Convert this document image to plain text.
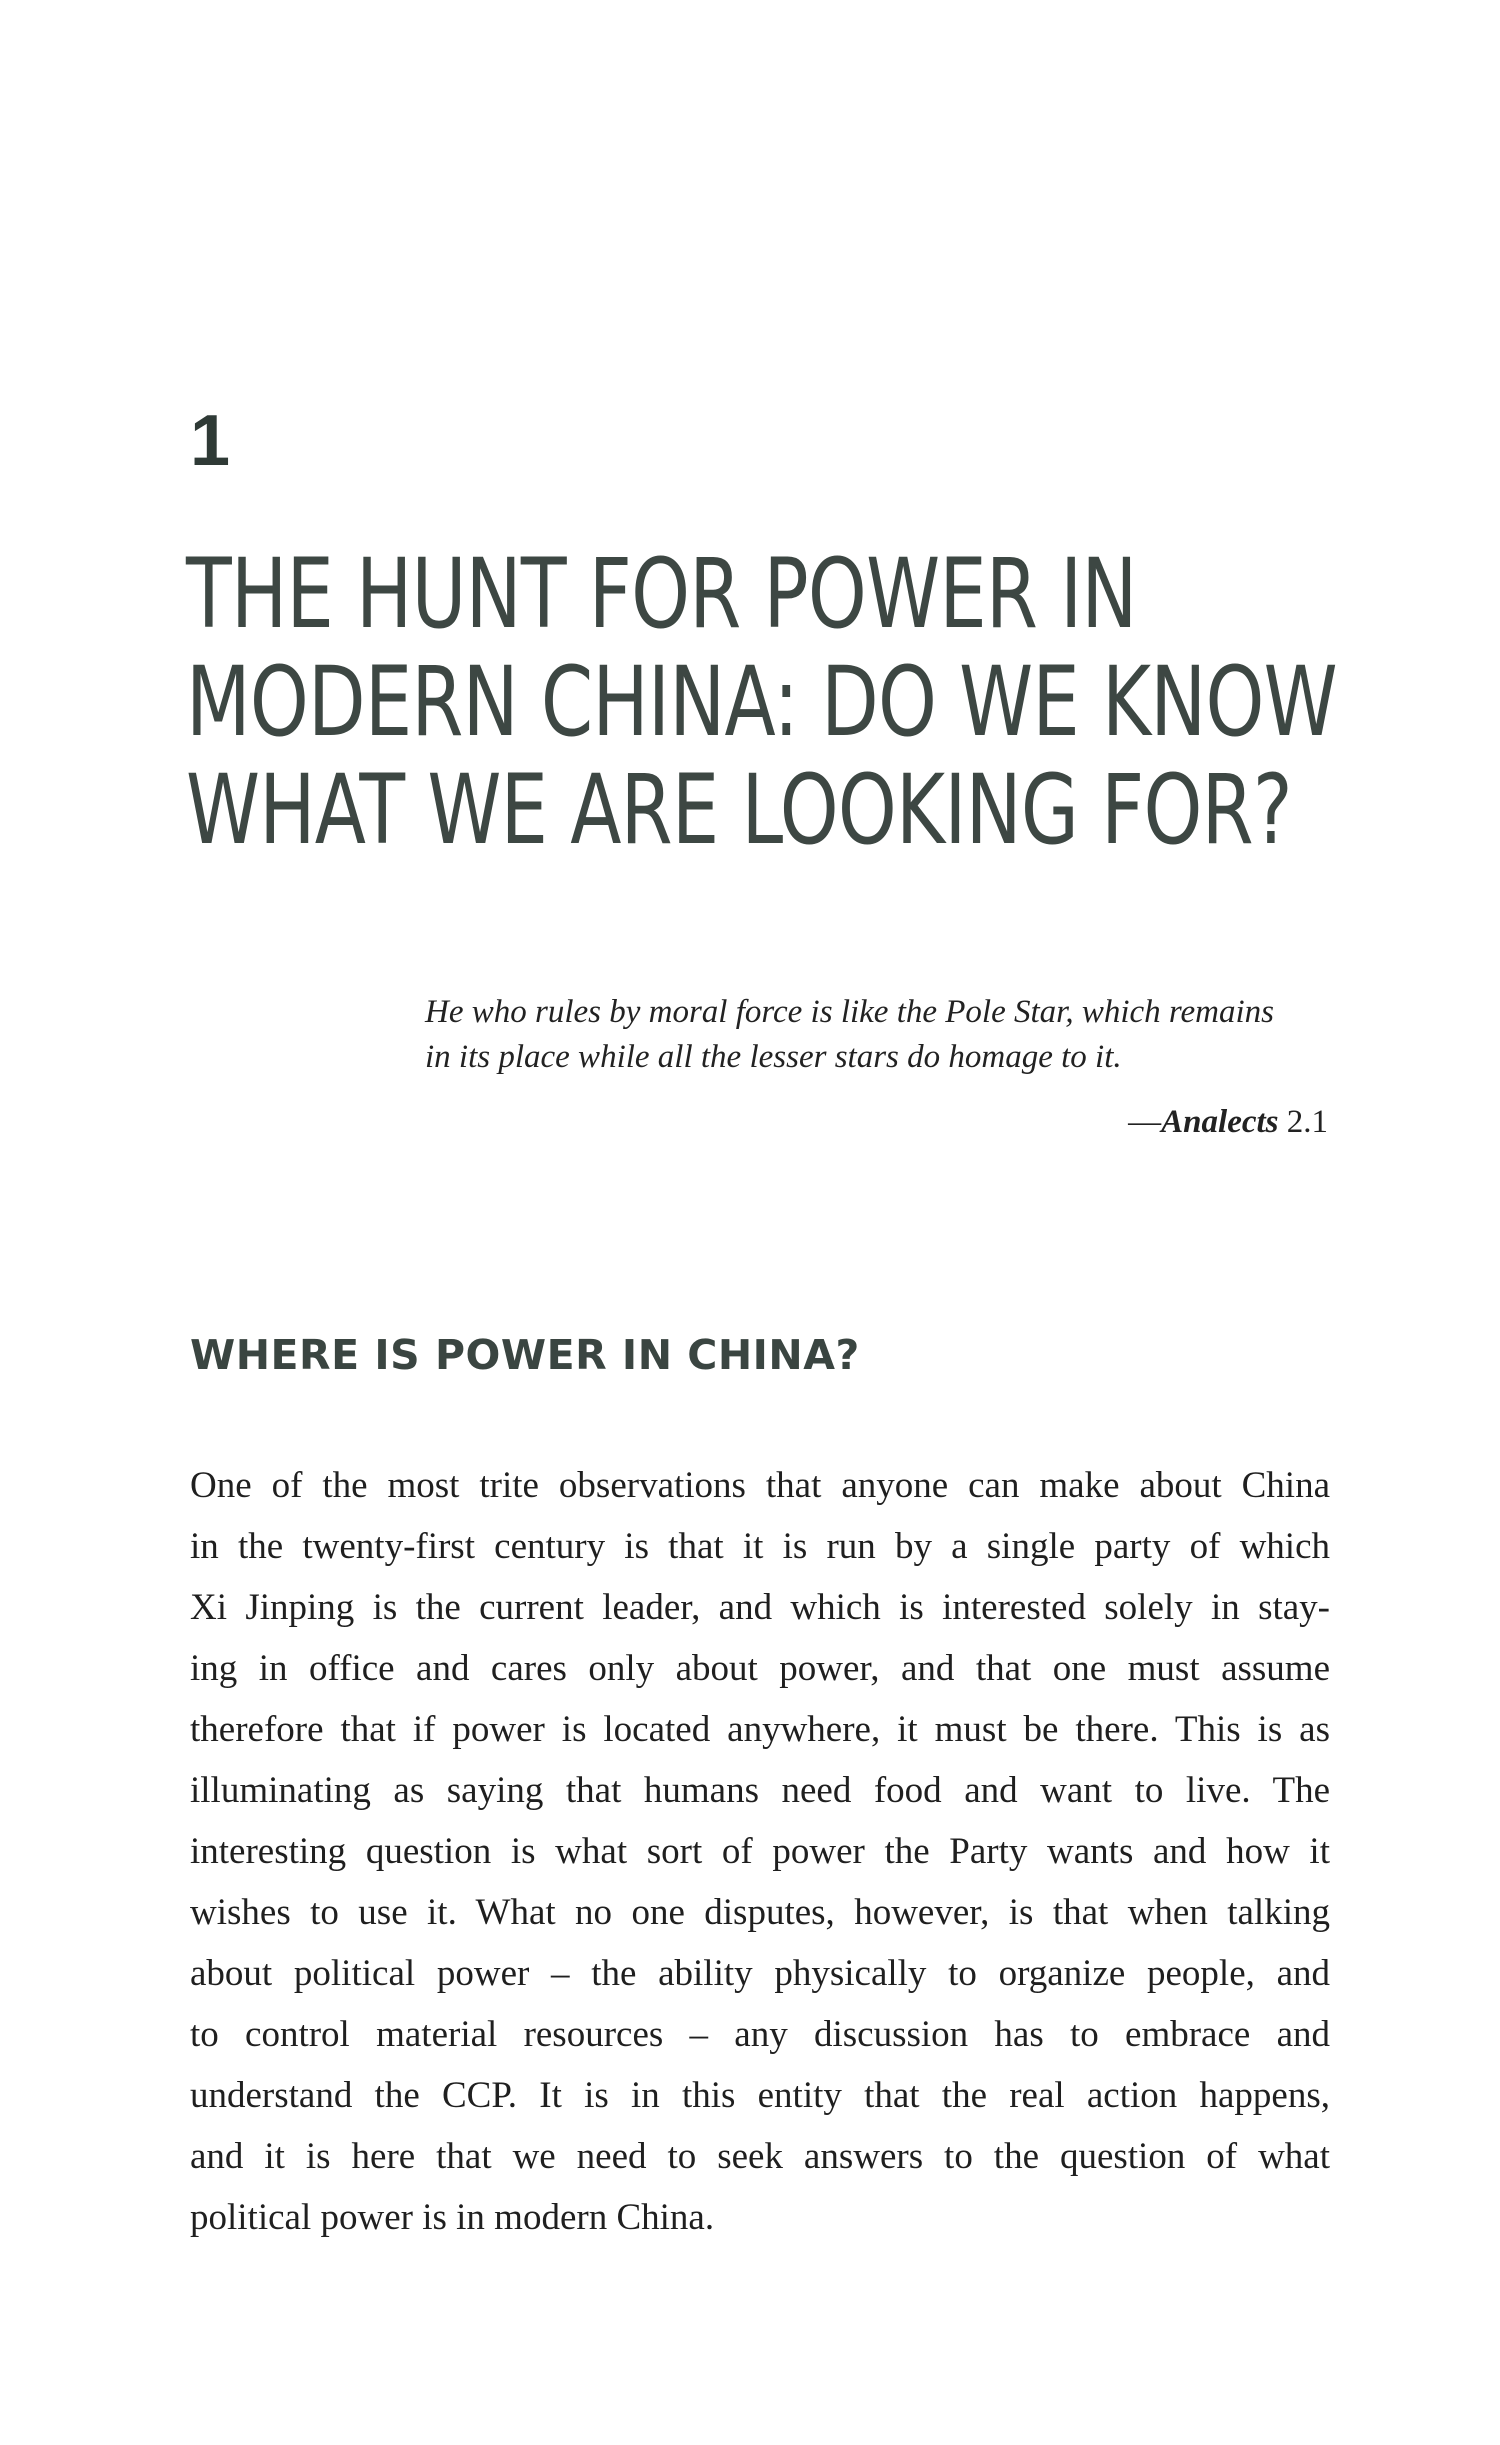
1
THE HUNT FOR POWER IN
MODERN CHINA: DO WE KNOW
WHAT WE ARE LOOKING FOR?
He who rules by moral force is like the Pole Star, which remains
in its place while all the lesser stars do homage to it.
—Analects 2.1
WHERE IS POWER IN CHINA?
One of the most trite observations that anyone can make about China
in the twenty-first century is that it is run by a single party of which
Xi Jinping is the current leader, and which is interested solely in stay-
ing in office and cares only about power, and that one must assume
therefore that if power is located anywhere, it must be there. This is as
illuminating as saying that humans need food and want to live. The
interesting question is what sort of power the Party wants and how it
wishes to use it. What no one disputes, however, is that when talking
about political power – the ability physically to organize people, and
to control material resources – any discussion has to embrace and
understand the CCP. It is in this entity that the real action happens,
and it is here that we need to seek answers to the question of what
political power is in modern China.
